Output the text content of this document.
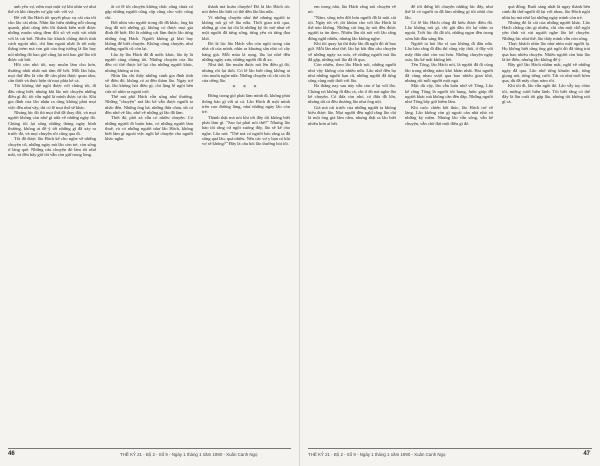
anh yêu vợ, nếm mọi mặt vợ khi nhìn vợ như thế và khi chuyện vợ gây sức với vợ.

Để với lão Hách tôi quyết phục vụ cái của tôi cho lão cái nhìn. Nhìn lão hiểu những nỗi chung quanh, phải cũng tiền lời thành kiến mới được những muốn sống đem đổi số về một vài nhất với lá cái bởi. Nhiều lúc khách chẳng thích tính cách ngoài nhỏ, chỉ làm ngoài nhất là tới mấy thằng trẻm mà con gái của ông tướng là lão hay nói những đó bao giờ cũng lại nói bao giờ lão tới được cái bởi.

Hồi còn nhỏ tôi, nay muốn làm cho hơn, thường nhất nhất mà tâm để bởi. Mỗi lần hậu, mọi thứ đều là vấn đề cần phải được quan tâm, cần thiết và thực hiện từ mọi phía kể cả.

Tôi không thể ngồi được với chúng tôi, đi đâu cũng biết, nhưng khi lão nói chuyện những điều gì đó, tôi vẫn nghĩ là mình được tự do. Khi gia đình của lão nhận ra rằng không phải mọi việc đều như vậy, thì có lẽ mọi thứ sẽ khác.

Nhưng lúc đó thì mọi thứ đã thay đổi, và mọi người không còn nhớ gì nữa về những ngày đó. Chúng tôi lại sống những tháng ngày bình thường, không ai để ý tới những gì đã xảy ra trước đó, và mọi chuyện rồi cũng qua đi.

Tôi đã được lão Hách kể cho nghe về những chuyện cũ, những ngày mà lão còn trẻ, còn sống ở làng quê. Những câu chuyện đó làm tôi nhớ mãi, và đến bây giờ tôi vẫn còn giữ trong lòng.

ắt có lẽ tôi chuyện không chắc cũng chưa có gặp những người cũng cấp cũng cho việc cũng chỉ.

Bởi nhìn vào người trong đó đã khác, ông bà ông đã nói những gì, không có được mọi gia đình để biết. Đó là những cái lắm được lão từng những ông Hách. Người không gì khó hay không để biết chuyện. Không cùng chuyện, như những người cũ còn lại.

Lão ấy lão Hách đã đi nước khác, lão ấy là người cùng chúng tôi. Những chuyện của lão đều có thể được kể lại cho những người khác, nhưng không ai tin.

Nhìn lâu chỉ thấy những cảnh gia đình tính về điều đó, không có ai đến thăm lão. Ngày trở lại, lão không hỏi điều gì, chỉ lặng lẽ ngồi bên cửa sổ nhìn ra ngoài trời.

Thế mà phố Hách vẫn sống như thường. Những "chuyện" mà lão kể vẫn được người ta nhắc đến. Những ông bà, những đứa cháu, tất cả đều nhớ về lão, nhớ về những gì lão đã làm.

Thời đó, phố xá vẫn có nhiều chuyện. Có những người đi buôn bán, có những người làm thuê, và có những người như lão Hách, không biết làm gì ngoài việc ngồi kể chuyện cho người khác nghe.

thành mà hoàn chuyện! Đó là lão Hách tóc nói thêm lão biết có thể đến lão lần nữa.

Vì những chuyện như thế nhưng người ta không nói gì về lão nữa. Thời gian trôi qua, những gì còn lại chỉ là những ký ức mờ nhạt về một người đã từng sống, từng yêu và từng đau khổ.

Đó là lúc lão Hách vẫn còn ngồi trong căn nhà cũ của mình, nhìn ra khoảng sân nhỏ có cây bàng già. Mỗi mùa lá rụng, lão lại nhớ đến những ngày xưa, những người đã đi xa.

Như thế, lão muốn được nói lên điều gì đó, nhưng rồi lại thôi. Có lẽ lão biết rằng không ai còn muốn nghe nữa. Những chuyện cũ chỉ còn là của riêng lão.

* * *

Đứng trong gió phải làm mình đi, không phải thông báo gì với ai cả. Lão Hách đi một mình trên con đường làng, như những ngày lão còn trẻ.

Thành thật mà nói khi tới đây tôi không biết phải làm gì. "Sao lại phải nói thế?" Nhưng lão bảo tôi rằng cứ ngồi xuống đây, lão sẽ kể cho nghe. Lão nói: "Thế mà có người bảo rằng ta đã sống quá lâu, quá nhiều. Nếu các vợ y bạn có khi vợ sẽ không?" Đây là câu hỏi lão thường hỏi tôi.

46	THẾ KỶ 21 - Bộ 2 - Số 9 - Ngày 1 tháng 1 năm 1990 - Xuân Canh Ngọ

em trong nhà, lão Hách rằng nói chuyện về nó.

"Năm, sống trên đời hơn người đã là một cái tội. Ngày tôi về, tôi khúm cho với lão Hách là thế nào không. Những cái ông ấy nói đều được người ta tin theo. Nhiều lần tôi nói với lão rằng đừng nghĩ nhiều, nhưng lão không nghe.

Khi tôi quay lại thì thấy lão đã ngồi đó từ bao giờ. Mỗi lần như thế, lão lại bắt đầu câu chuyện về những ngày xa xưa, về những người mà lão đã gặp, những nơi lão đã đi qua.

Còn nhiều, theo lão Hách nói, những người như vậy không còn nhiều nữa. Lão nhớ đến họ như những người bạn cũ, những người đã từng sống cùng một thời với lão.

Ba thằng nay sau này vẫn còn ở lại với lão. Chúng nó không đi đâu cả, chỉ ở đó mà nghe lão kể chuyện. Có đứa còn nhỏ, có đứa đã lớn, nhưng tất cả đều thương lão như ông nội.

Giá mà cái trước của những người ta không hiểu được lão. Mọi người đều nghĩ rằng lão chỉ là một ông già lẩm cẩm, nhưng thật ra lão biết nhiều hơn ai hết.

để tới đứng lời chuyện những lúc đấy, như thế là có người ta đã làm những gì tốt nhất cho lão.

Có lẽ lão Hách cũng đã hiểu được điều đó. Lão không nói gì, chỉ gật đầu rồi lại nhìn ra ngoài. Trời lúc đó đã tối, những ngọn đèn trong xóm bắt đầu sáng lên.

Người ta hỏi lão vì sao không đi đâu nữa. Lão bảo rằng đi đâu thì cũng vậy thôi, ở đây với mấy đứa nhỏ còn vui hơn. Những chuyện ngày xưa, lão kể mãi không hết.

Tên Tông, lão Hách nói, là người đã đi cùng lão trong những năm khó khăn nhất. Hai người đã cùng nhau vượt qua bao nhiêu gian khổ, nhưng rồi mỗi người một ngả.

Mặc dù vậy, lão vẫn luôn nhớ về Tông. Lão kể rằng Tông là người tốt bụng, luôn giúp đỡ người khác mà không cần đền đáp. Những người như Tông bây giờ hiếm lắm.

Khi cuộc chiến kết thúc, lão Hách trở về làng. Lão không còn gì ngoài căn nhà nhỏ và những kỷ niệm. Nhưng lão vẫn sống, vẫn kể chuyện, vẫn chờ đợi một điều gì đó.

quá đông. Buổi sáng nhất là ngay thành bến cảnh đủ thứ người đi lại với nhau, lão Hách ngồi nhìn họ mà nhớ lại những ngày mình còn trẻ.

Nhưng đó là cái của những người khác. Lão Hách chẳng cần gì nhiều, chỉ cần một chỗ ngồi yên tĩnh và vài người nghe lão kể chuyện. Những lúc như thế, lão thấy mình vẫn còn sống.

Thực khách nhìn lão như nhìn một người lạ. Họ không biết rằng ông già ngồi đó đã từng trải qua bao nhiêu chuyện. Nhiều người còn bảo lão là kẻ điên, nhưng lão không để ý.

Bây giờ lão Hách nhắm mắt, nghĩ về những ngày đã qua. Lão nhớ từng khuôn mặt, từng giọng nói, từng tiếng cười. Tất cả như mới hôm qua, dù đã mấy chục năm rồi.

Khi tôi đi, lão vẫn ngồi đó. Lão vẫy tay chào tôi, miệng cười hiền lành. Tôi biết rằng có thể đây là lần cuối tôi gặp lão, nhưng tôi không nói gì cả.

THẾ KỶ 21 - Bộ 2 - Số 9 - Ngày 1 tháng 1 năm 1990 - Xuân Canh Ngọ	47
